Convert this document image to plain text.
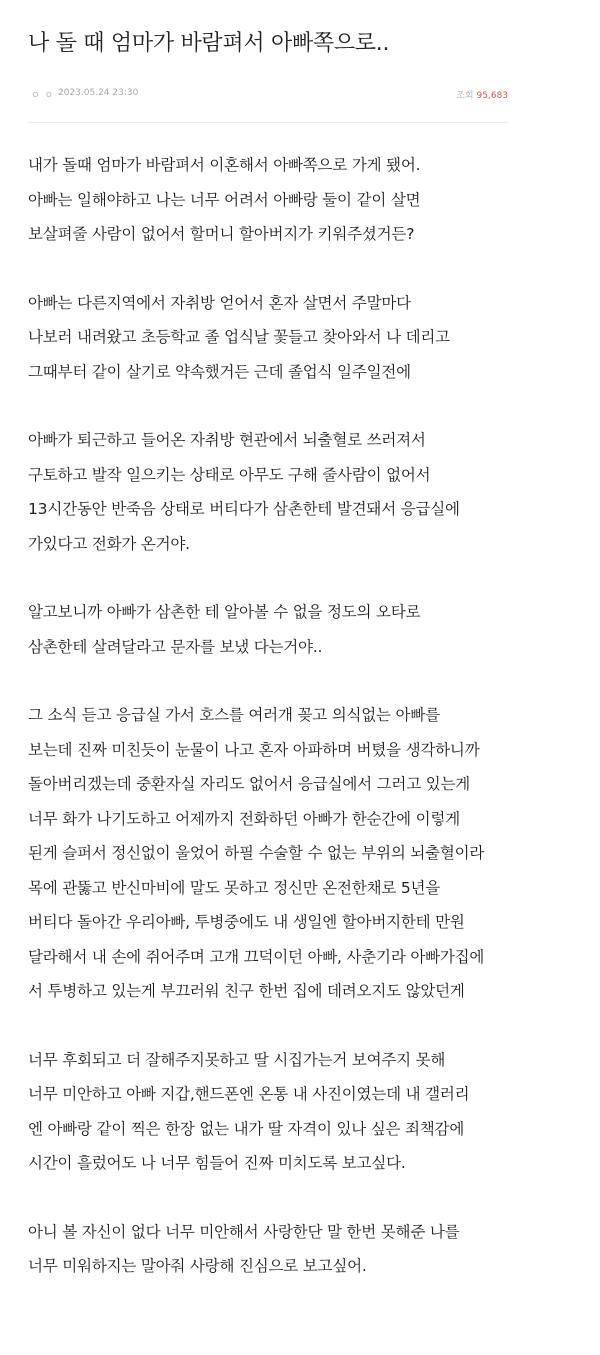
나 돌 때 엄마가 바람펴서 아빠쪽으로..
ㅇ ㅇ 2023.05.24 23:30	조회 95,683
내가 돌때 엄마가 바람펴서 이혼해서 아빠쪽으로 가게 됐어.
아빠는 일해야하고 나는 너무 어려서 아빠랑 둘이 같이 살면
보살펴줄 사람이 없어서 할머니 할아버지가 키워주셨거든?
아빠는 다른지역에서 자취방 얻어서 혼자 살면서 주말마다
나보러 내려왔고 초등학교 졸 업식날 꽃들고 찾아와서 나 데리고
그때부터 같이 살기로 약속했거든 근데 졸업식 일주일전에
아빠가 퇴근하고 들어온 자취방 현관에서 뇌출혈로 쓰러져서
구토하고 발작 일으키는 상태로 아무도 구해 줄사람이 없어서
13시간동안 반죽음 상태로 버티다가 삼촌한테 발견돼서 응급실에
가있다고 전화가 온거야.
알고보니까 아빠가 삼촌한 테 알아볼 수 없을 정도의 오타로
삼촌한테 살려달라고 문자를 보냈 다는거야..
그 소식 듣고 응급실 가서 호스를 여러개 꽂고 의식없는 아빠를
보는데 진짜 미친듯이 눈물이 나고 혼자 아파하며 버텼을 생각하니까
돌아버리겠는데 중환자실 자리도 없어서 응급실에서 그러고 있는게
너무 화가 나기도하고 어제까지 전화하던 아빠가 한순간에 이렇게
된게 슬퍼서 정신없이 울었어 하필 수술할 수 없는 부위의 뇌출혈이라
목에 관뚫고 반신마비에 말도 못하고 정신만 온전한채로 5년을
버티다 돌아간 우리아빠, 투병중에도 내 생일엔 할아버지한테 만원
달라해서 내 손에 쥐어주며 고개 끄덕이던 아빠, 사춘기라 아빠가집에
서 투병하고 있는게 부끄러워 친구 한번 집에 데려오지도 않았던게
너무 후회되고 더 잘해주지못하고 딸 시집가는거 보여주지 못해
너무 미안하고 아빠 지갑,핸드폰엔 온통 내 사진이였는데 내 갤러리
엔 아빠랑 같이 찍은 한장 없는 내가 딸 자격이 있나 싶은 죄책감에
시간이 흘렀어도 나 너무 힘들어 진짜 미치도록 보고싶다.
아니 볼 자신이 없다 너무 미안해서 사랑한단 말 한번 못해준 나를
너무 미워하지는 말아줘 사랑해 진심으로 보고싶어.
